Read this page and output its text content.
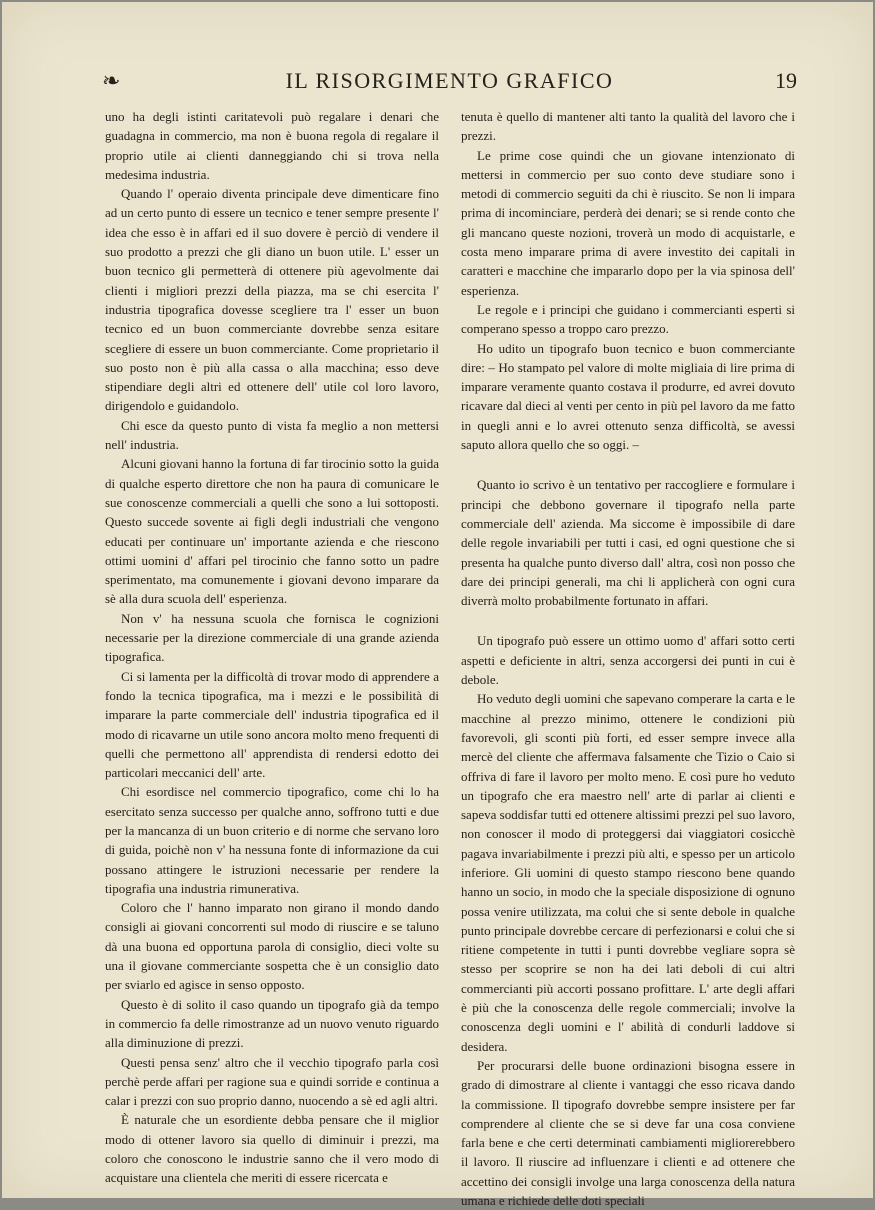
❧	IL RISORGIMENTO GRAFICO	19

uno ha degli istinti caritatevoli può regalare i denari che guadagna in commercio, ma non è buona regola di regalare il proprio utile ai clienti danneggiando chi si trova nella medesima industria.

Quando l' operaio diventa principale deve dimenticare fino ad un certo punto di essere un tecnico e tener sempre presente l' idea che esso è in affari ed il suo dovere è perciò di vendere il suo prodotto a prezzi che gli diano un buon utile. L' esser un buon tecnico gli permetterà di ottenere più agevolmente dai clienti i migliori prezzi della piazza, ma se chi esercita l' industria tipografica dovesse scegliere tra l' esser un buon tecnico ed un buon commerciante dovrebbe senza esitare scegliere di essere un buon commerciante. Come proprietario il suo posto non è più alla cassa o alla macchina; esso deve stipendiare degli altri ed ottenere dell' utile col loro lavoro, dirigendolo e guidandolo.

Chi esce da questo punto di vista fa meglio a non mettersi nell' industria.

Alcuni giovani hanno la fortuna di far tirocinio sotto la guida di qualche esperto direttore che non ha paura di comunicare le sue conoscenze commerciali a quelli che sono a lui sottoposti. Questo succede sovente ai figli degli industriali che vengono educati per continuare un' importante azienda e che riescono ottimi uomini d' affari pel tirocinio che fanno sotto un padre sperimentato, ma comunemente i giovani devono imparare da sè alla dura scuola dell' esperienza.

Non v' ha nessuna scuola che fornisca le cognizioni necessarie per la direzione commerciale di una grande azienda tipografica.

Ci si lamenta per la difficoltà di trovar modo di apprendere a fondo la tecnica tipografica, ma i mezzi e le possibilità di imparare la parte commerciale dell' industria tipografica ed il modo di ricavarne un utile sono ancora molto meno frequenti di quelli che permettono all' apprendista di rendersi edotto dei particolari meccanici dell' arte.

Chi esordisce nel commercio tipografico, come chi lo ha esercitato senza successo per qualche anno, soffrono tutti e due per la mancanza di un buon criterio e di norme che servano loro di guida, poichè non v' ha nessuna fonte di informazione da cui possano attingere le istruzioni necessarie per rendere la tipografia una industria rimunerativa.

Coloro che l' hanno imparato non girano il mondo dando consigli ai giovani concorrenti sul modo di riuscire e se taluno dà una buona ed opportuna parola di consiglio, dieci volte su una il giovane commerciante sospetta che è un consiglio dato per sviarlo ed agisce in senso opposto.

Questo è di solito il caso quando un tipografo già da tempo in commercio fa delle rimostranze ad un nuovo venuto riguardo alla diminuzione di prezzi.

Questi pensa senz' altro che il vecchio tipografo parla così perchè perde affari per ragione sua e quindi sorride e continua a calar i prezzi con suo proprio danno, nuocendo a sè ed agli altri.

È naturale che un esordiente debba pensare che il miglior modo di ottener lavoro sia quello di diminuir i prezzi, ma coloro che conoscono le industrie sanno che il vero modo di acquistare una clientela che meriti di essere ricercata e

tenuta è quello di mantener alti tanto la qualità del lavoro che i prezzi.

Le prime cose quindi che un giovane intenzionato di mettersi in commercio per suo conto deve studiare sono i metodi di commercio seguiti da chi è riuscito. Se non li impara prima di incominciare, perderà dei denari; se si rende conto che gli mancano queste nozioni, troverà un modo di acquistarle, e costa meno imparare prima di avere investito dei capitali in caratteri e macchine che impararlo dopo per la via spinosa dell' esperienza.

Le regole e i principi che guidano i commercianti esperti si comperano spesso a troppo caro prezzo.

Ho udito un tipografo buon tecnico e buon commerciante dire: – Ho stampato pel valore di molte migliaia di lire prima di imparare veramente quanto costava il produrre, ed avrei dovuto ricavare dal dieci al venti per cento in più pel lavoro da me fatto in quegli anni e lo avrei ottenuto senza difficoltà, se avessi saputo allora quello che so oggi. –

Quanto io scrivo è un tentativo per raccogliere e formulare i principi che debbono governare il tipografo nella parte commerciale dell' azienda. Ma siccome è impossibile di dare delle regole invariabili per tutti i casi, ed ogni questione che si presenta ha qualche punto diverso dall' altra, così non posso che dare dei principi generali, ma chi li applicherà con ogni cura diverrà molto probabilmente fortunato in affari.

Un tipografo può essere un ottimo uomo d' affari sotto certi aspetti e deficiente in altri, senza accorgersi dei punti in cui è debole.

Ho veduto degli uomini che sapevano comperare la carta e le macchine al prezzo minimo, ottenere le condizioni più favorevoli, gli sconti più forti, ed esser sempre invece alla mercè del cliente che affermava falsamente che Tizio o Caio si offriva di fare il lavoro per molto meno. E così pure ho veduto un tipografo che era maestro nell' arte di parlar ai clienti e sapeva soddisfar tutti ed ottenere altissimi prezzi pel suo lavoro, non conoscer il modo di proteggersi dai viaggiatori cosicchè pagava invariabilmente i prezzi più alti, e spesso per un articolo inferiore. Gli uomini di questo stampo riescono bene quando hanno un socio, in modo che la speciale disposizione di ognuno possa venire utilizzata, ma colui che si sente debole in qualche punto principale dovrebbe cercare di perfezionarsi e colui che si ritiene competente in tutti i punti dovrebbe vegliare sopra sè stesso per scoprire se non ha dei lati deboli di cui altri commercianti più accorti possano profittare. L' arte degli affari è più che la conoscenza delle regole commerciali; involve la conoscenza degli uomini e l' abilità di condurli laddove si desidera.

Per procurarsi delle buone ordinazioni bisogna essere in grado di dimostrare al cliente i vantaggi che esso ricava dando la commissione. Il tipografo dovrebbe sempre insistere per far comprendere al cliente che se si deve far una cosa conviene farla bene e che certi determinati cambiamenti migliorerebbero il lavoro. Il riuscire ad influenzare i clienti e ad ottenere che accettino dei consigli involge una larga conoscenza della natura umana e richiede delle doti speciali
